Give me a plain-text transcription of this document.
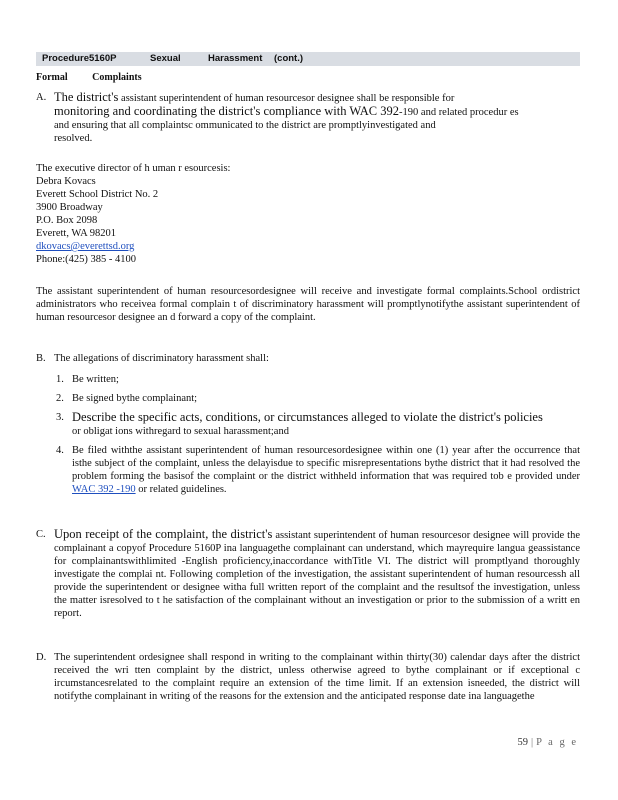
Procedure5160P	Sexual	Harassment (cont.)
Formal Complaints
A. The district's assistant superintendent of human resourcesor designee shall be responsible for
monitoring and coordinating the district's compliance with WAC 392-190 and related procedur es
and ensuring that all complaintsc ommunicated to the district are promptlyinvestigated and
resolved.
The executive director of h uman r esourcesis:
Debra Kovacs
Everett School District No. 2
3900 Broadway
P.O. Box 2098
Everett, WA 98201
dkovacs@everettsd.org
Phone:(425) 385 - 4100
The assistant superintendent of human resourcesordesignee will receive and investigate formal complaints.School ordistrict administrators who receivea formal complain t of discriminatory harassment will promptlynotifythe assistant superintendent of human resourcesor designee an d forward a copy of the complaint.
B. The allegations of discriminatory harassment shall:
1. Be written;
2. Be signed bythe complainant;
3. Describe the specific acts, conditions, or circumstances alleged to violate the district's policies
or obligat ions withregard to sexual harassment;and
4. Be filed withthe assistant superintendent of human resourcesordesignee within one (1) year after the occurrence that isthe subject of the complaint, unless the delayisdue to specific misrepresentations bythe district that it had resolved the problem forming the basisof the complaint or the district withheld information that was required tob e provided under WAC 392 -190 or related guidelines.
C. Upon receipt of the complaint, the district's assistant superintendent of human resourcesor designee will provide the complainant a copyof Procedure 5160P ina languagethe complainant can understand, which mayrequire langua geassistance for complainantswithlimited -English proficiency,inaccordance withTitle VI. The district will promptlyand thoroughly investigate the complai nt. Following completion of the investigation, the assistant superintendent of human resourcessh all provide the superintendent or designee witha full written report of the complaint and the resultsof the investigation, unless the matter isresolved to t he satisfaction of the complainant without an investigation or prior to the submission of a writt en report.
D. The superintendent ordesignee shall respond in writing to the complainant within thirty(30) calendar days after the district received the wri tten complaint by the district, unless otherwise agreed to bythe complainant or if exceptional c ircumstancesrelated to the complaint require an extension of the time limit. If an extension isneeded, the district will notifythe complainant in writing of the reasons for the extension and the anticipated response date ina languagethe
59 | P a g e
